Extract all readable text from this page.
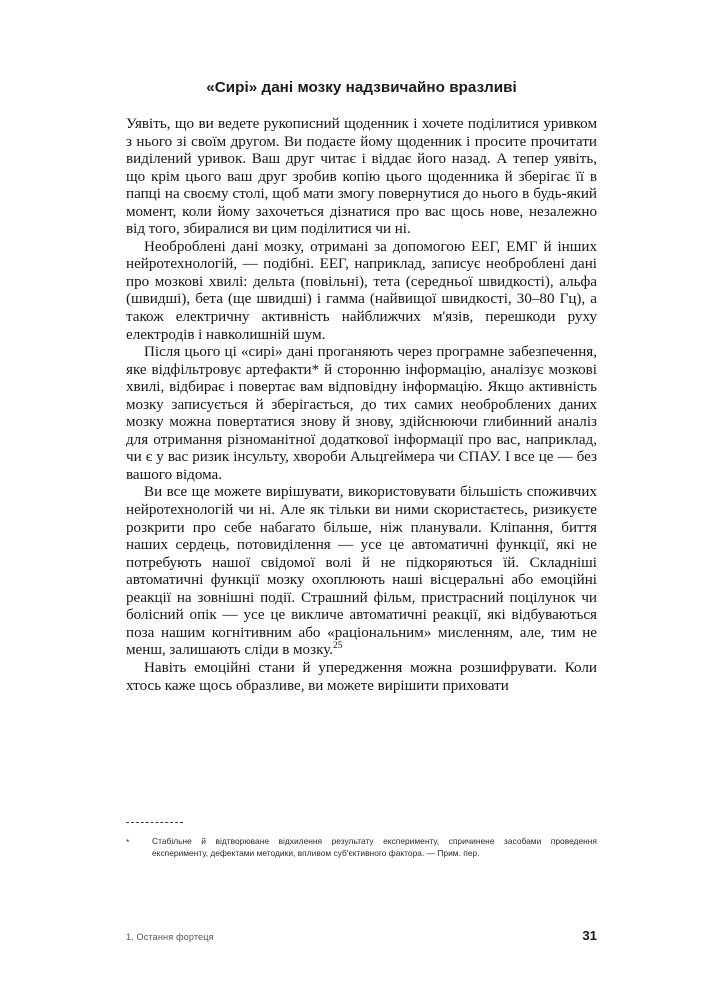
«Сирі» дані мозку надзвичайно вразливі

Уявіть, що ви ведете рукописний щоденник і хочете поділитися уривком з нього зі своїм другом. Ви подаєте йому щоденник і просите прочитати виділений уривок. Ваш друг читає і віддає його назад. А тепер уявіть, що крім цього ваш друг зробив копію цього щоденника й зберігає її в папці на своєму столі, щоб мати змогу повернутися до нього в будь-який момент, коли йому захочеться дізнатися про вас щось нове, незалежно від того, збиралися ви цим поділитися чи ні.

Необроблені дані мозку, отримані за допомогою ЕЕГ, ЕМГ й інших нейротехнологій, — подібні. ЕЕГ, наприклад, записує необроблені дані про мозкові хвилі: дельта (повільні), тета (середньої швидкості), альфа (швидші), бета (ще швидші) і гамма (найвищої швидкості, 30–80 Гц), а також електричну активність найближчих м'язів, перешкоди руху електродів і навколишній шум.

Після цього ці «сирі» дані проганяють через програмне забезпечення, яке відфільтровує артефакти* й сторонню інформацію, аналізує мозкові хвилі, відбирає і повертає вам відповідну інформацію. Якщо активність мозку записується й зберігається, до тих самих необроблених даних мозку можна повертатися знову й знову, здійснюючи глибинний аналіз для отримання різноманітної додаткової інформації про вас, наприклад, чи є у вас ризик інсульту, хвороби Альцгеймера чи СПАУ. І все це — без вашого відома.

Ви все ще можете вирішувати, використовувати більшість споживчих нейротехнологій чи ні. Але як тільки ви ними скористаєтесь, ризикуєте розкрити про себе набагато більше, ніж планували. Кліпання, биття наших сердець, потовиділення — усе це автоматичні функції, які не потребують нашої свідомої волі й не підкоряються їй. Складніші автоматичні функції мозку охоплюють наші вісцеральні або емоційні реакції на зовнішні події. Страшний фільм, пристрасний поцілунок чи болісний опік — усе це викличе автоматичні реакції, які відбуваються поза нашим когнітивним або «раціональним» мисленням, але, тим не менш, залишають сліди в мозку.$^{25}$

Навіть емоційні стани й упередження можна розшифрувати. Коли хтось каже щось образливе, ви можете вирішити приховати

*	Стабільне й відтворюване відхилення результату експерименту, спричинене засобами проведення експерименту, дефектами методики, впливом суб'єктивного фактора. — Прим. пер.
1. Остання фортеця	31
